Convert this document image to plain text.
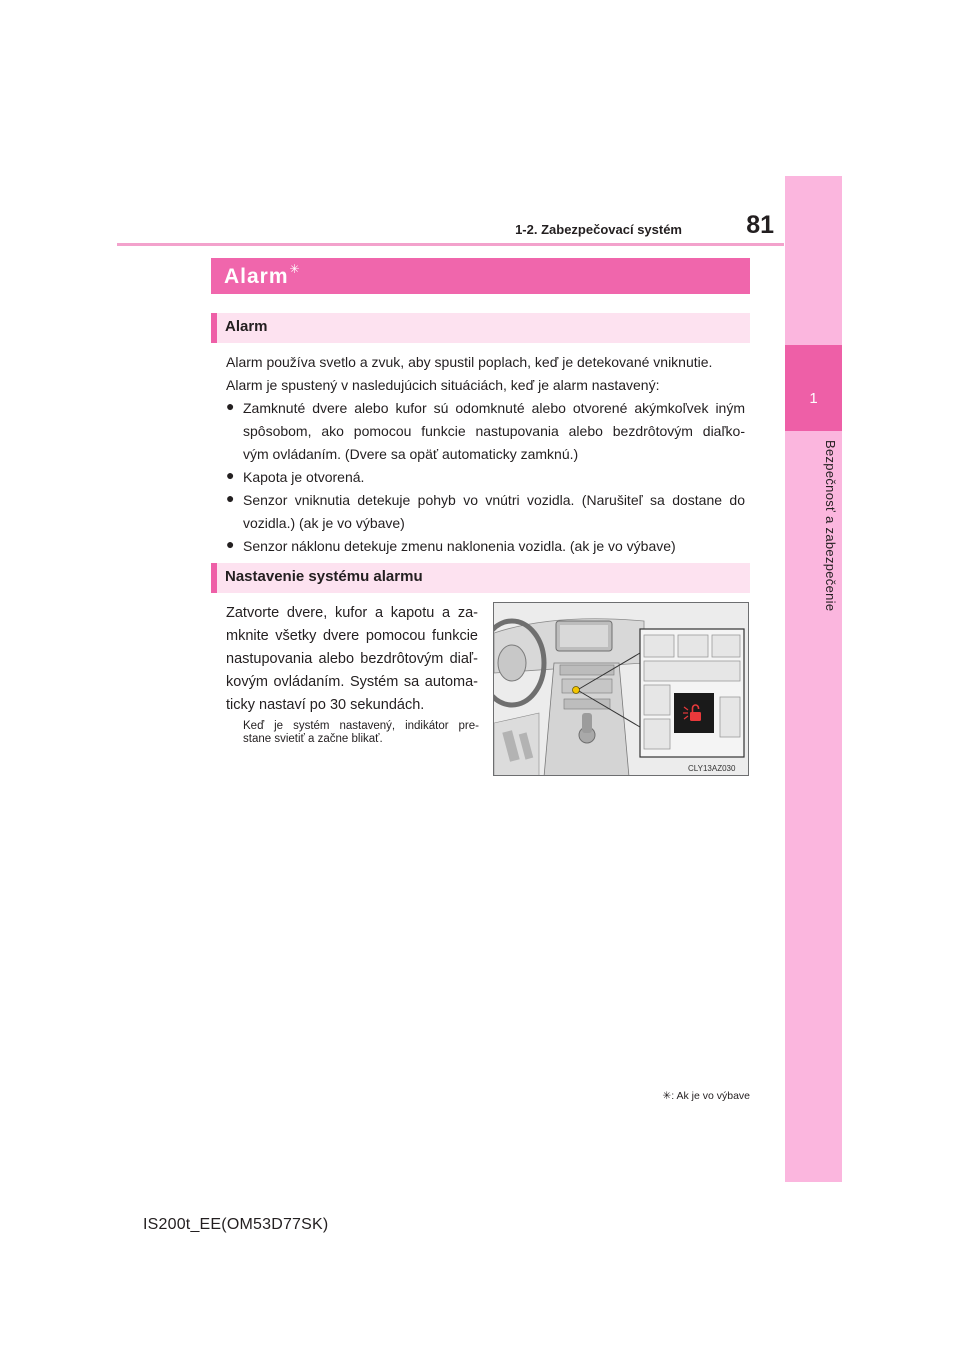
1-2. Zabezpečovací systém	81
1
Bezpečnosť a zabezpečenie
Alarm✳
Alarm
Alarm používa svetlo a zvuk, aby spustil poplach, keď je detekované vniknutie.
Alarm je spustený v nasledujúcich situáciách, keď je alarm nastavený:
● Zamknuté dvere alebo kufor sú odomknuté alebo otvorené akýmkoľvek iným
spôsobom, ako pomocou funkcie nastupovania alebo bezdrôtovým diaľko-
vým ovládaním. (Dvere sa opäť automaticky zamknú.)
● Kapota je otvorená.
● Senzor vniknutia detekuje pohyb vo vnútri vozidla. (Narušiteľ sa dostane do
vozidla.) (ak je vo výbave)
● Senzor náklonu detekuje zmenu naklonenia vozidla. (ak je vo výbave)
Nastavenie systému alarmu
Zatvorte dvere, kufor a kapotu a za-
mknite všetky dvere pomocou funkcie
nastupovania alebo bezdrôtovým diaľ-
kovým ovládaním. Systém sa automa-
ticky nastaví po 30 sekundách.
Keď je systém nastavený, indikátor pre-
stane svietiť a začne blikať.
CLY13AZ030
✳: Ak je vo výbave
IS200t_EE(OM53D77SK)
